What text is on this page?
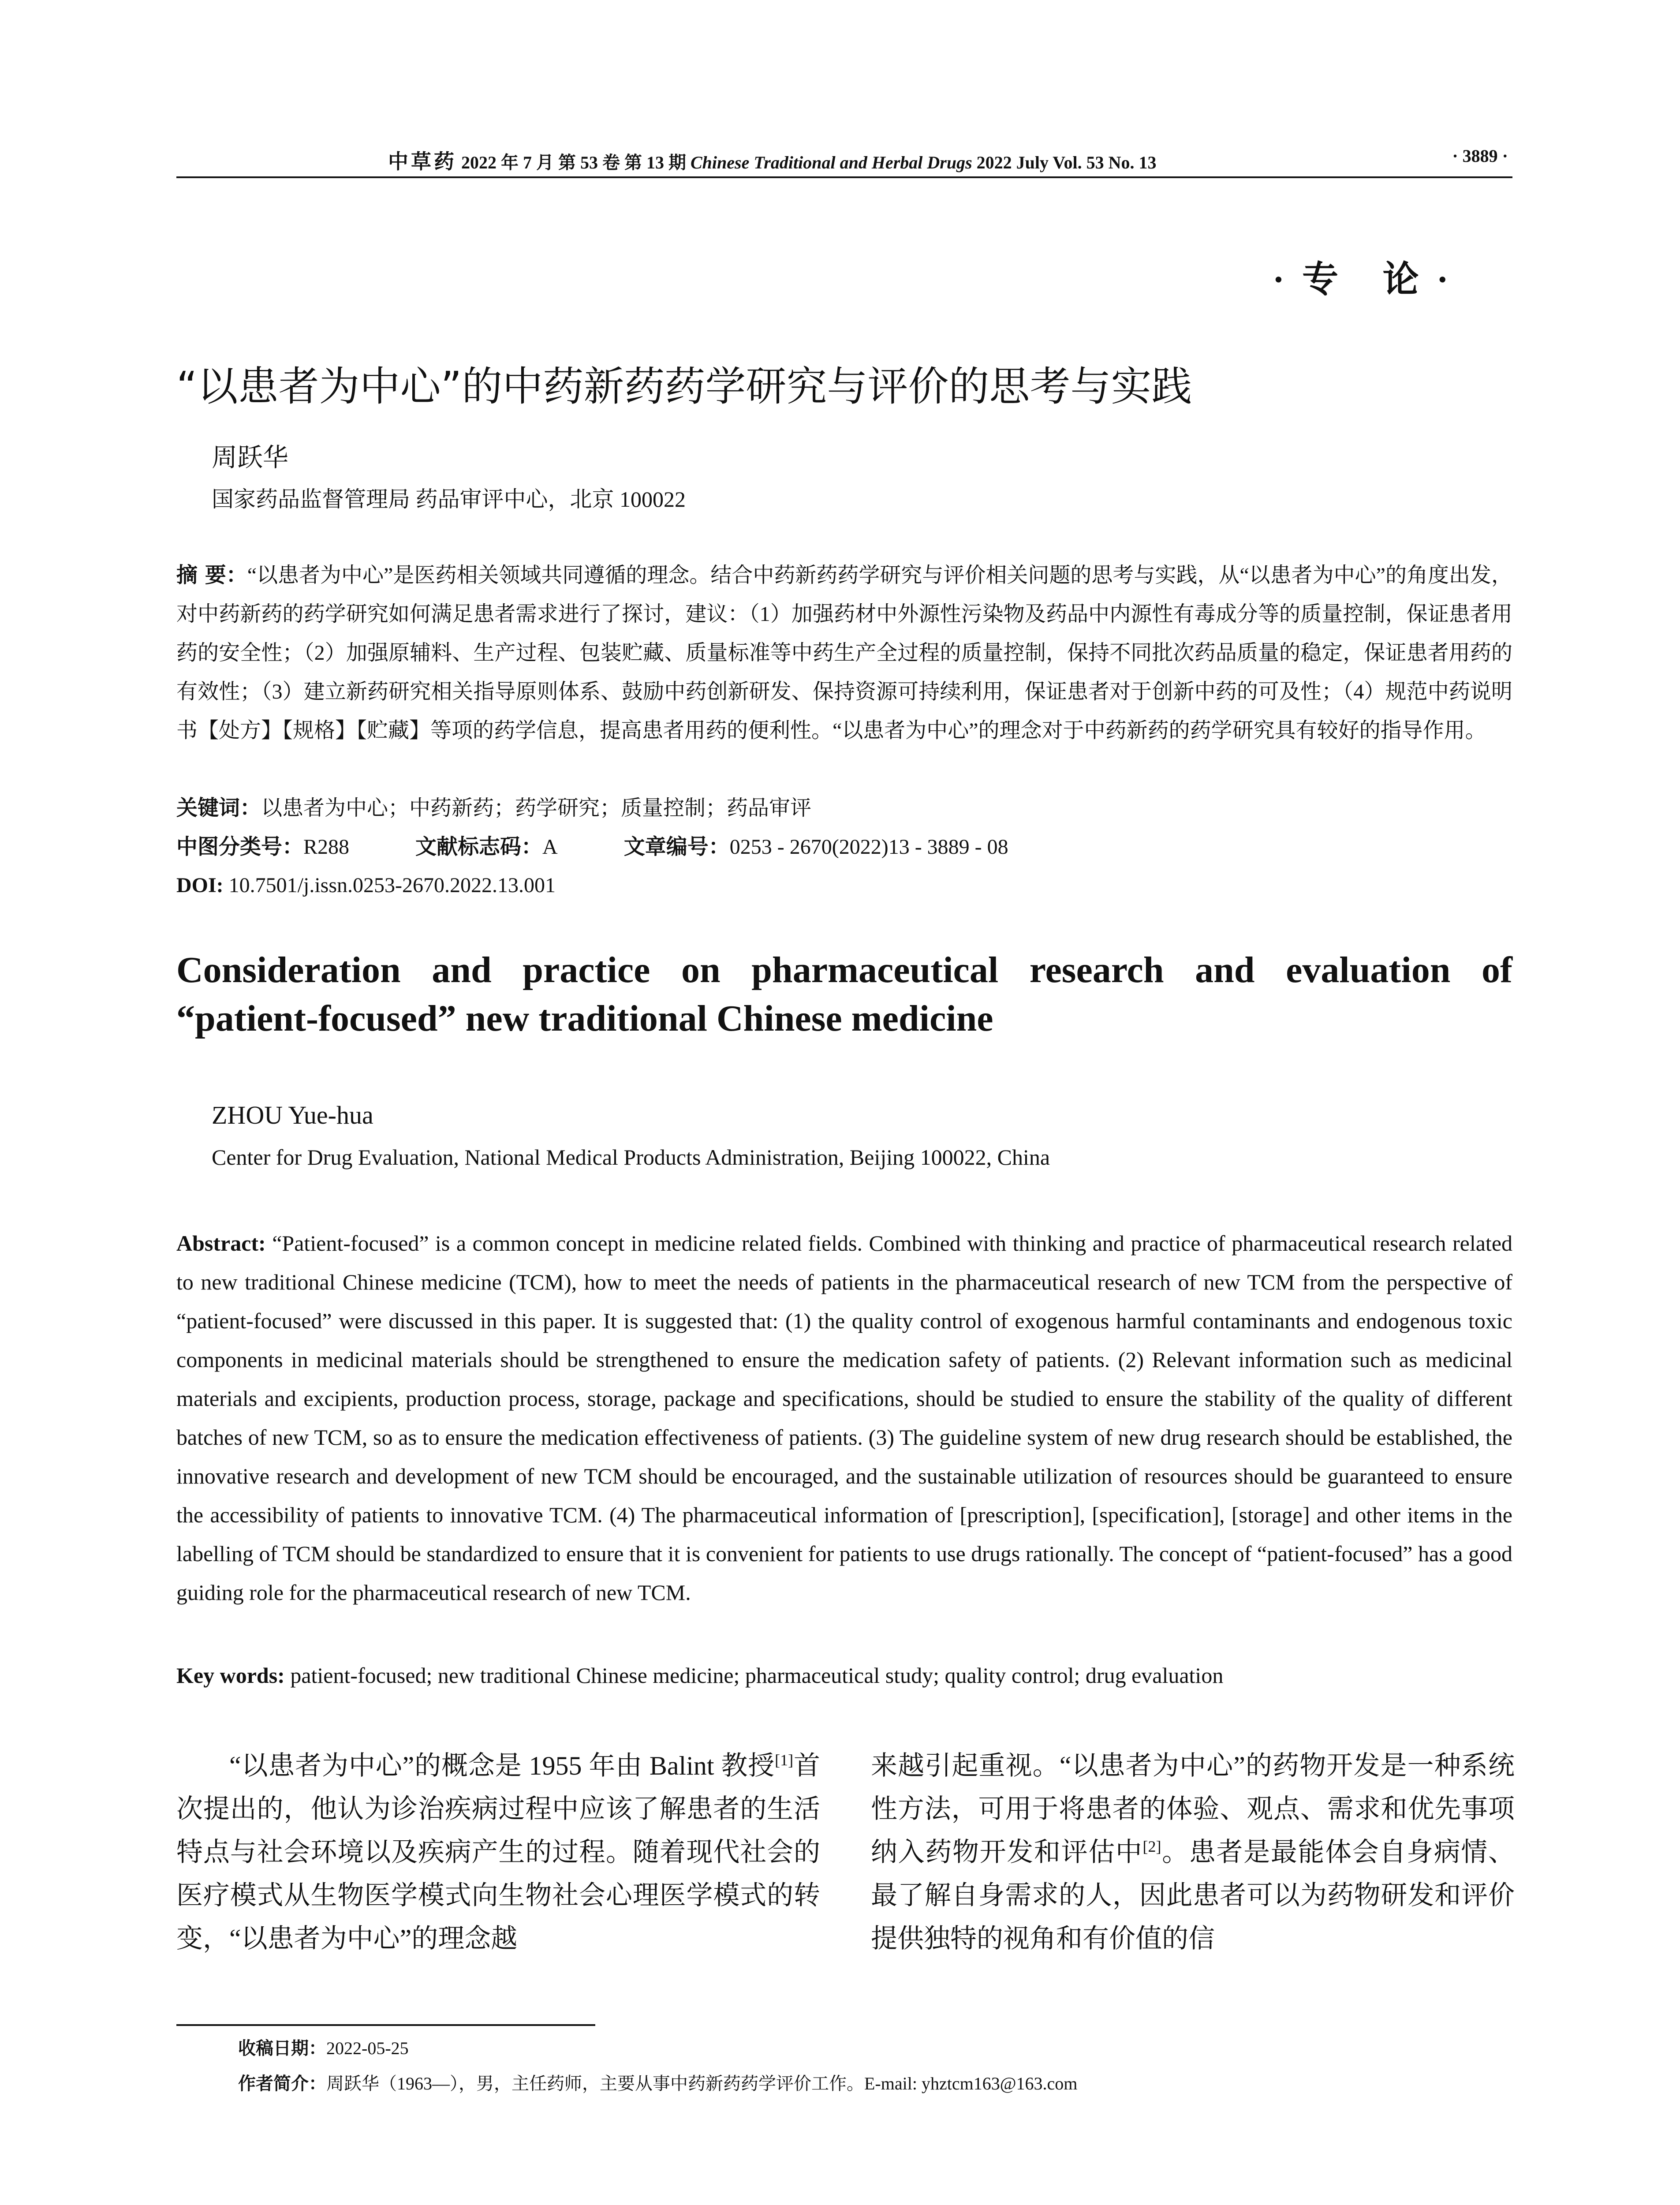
中草药 2022 年 7 月 第 53 卷 第 13 期 Chinese Traditional and Herbal Drugs 2022 July Vol. 53 No. 13	· 3889 ·
·专 论·
“以患者为中心”的中药新药药学研究与评价的思考与实践
周跃华
国家药品监督管理局 药品审评中心，北京 100022

摘 要：“以患者为中心”是医药相关领域共同遵循的理念。结合中药新药药学研究与评价相关问题的思考与实践，从“以患者为中心”的角度出发，对中药新药的药学研究如何满足患者需求进行了探讨，建议：（1）加强药材中外源性污染物及药品中内源性有毒成分等的质量控制，保证患者用药的安全性；（2）加强原辅料、生产过程、包装贮藏、质量标准等中药生产全过程的质量控制，保持不同批次药品质量的稳定，保证患者用药的有效性；（3）建立新药研究相关指导原则体系、鼓励中药创新研发、保持资源可持续利用，保证患者对于创新中药的可及性；（4）规范中药说明书【处方】【规格】【贮藏】等项的药学信息，提高患者用药的便利性。“以患者为中心”的理念对于中药新药的药学研究具有较好的指导作用。

关键词：以患者为中心；中药新药；药学研究；质量控制；药品审评
中图分类号：R288	文献标志码：A	文章编号：0253 - 2670(2022)13 - 3889 - 08
DOI: 10.7501/j.issn.0253-2670.2022.13.001
Consideration and practice on pharmaceutical research and evaluation of
“patient-focused” new traditional Chinese medicine
ZHOU Yue-hua
Center for Drug Evaluation, National Medical Products Administration, Beijing 100022, China

Abstract: “Patient-focused” is a common concept in medicine related fields. Combined with thinking and practice of pharmaceutical research related to new traditional Chinese medicine (TCM), how to meet the needs of patients in the pharmaceutical research of new TCM from the perspective of “patient-focused” were discussed in this paper. It is suggested that: (1) the quality control of exogenous harmful contaminants and endogenous toxic components in medicinal materials should be strengthened to ensure the medication safety of patients. (2) Relevant information such as medicinal materials and excipients, production process, storage, package and specifications, should be studied to ensure the stability of the quality of different batches of new TCM, so as to ensure the medication effectiveness of patients. (3) The guideline system of new drug research should be established, the innovative research and development of new TCM should be encouraged, and the sustainable utilization of resources should be guaranteed to ensure the accessibility of patients to innovative TCM. (4) The pharmaceutical information of [prescription], [specification], [storage] and other items in the labelling of TCM should be standardized to ensure that it is convenient for patients to use drugs rationally. The concept of “patient-focused” has a good guiding role for the pharmaceutical research of new TCM.

Key words: patient-focused; new traditional Chinese medicine; pharmaceutical study; quality control; drug evaluation

“以患者为中心”的概念是 1955 年由 Balint 教授[1]首次提出的，他认为诊治疾病过程中应该了解患者的生活特点与社会环境以及疾病产生的过程。随着现代社会的医疗模式从生物医学模式向生物社会心理医学模式的转变，“以患者为中心”的理念越

来越引起重视。“以患者为中心”的药物开发是一种系统性方法，可用于将患者的体验、观点、需求和优先事项纳入药物开发和评估中[2]。患者是最能体会自身病情、最了解自身需求的人，因此患者可以为药物研发和评价提供独特的视角和有价值的信

收稿日期：2022-05-25
作者简介：周跃华（1963—），男，主任药师，主要从事中药新药药学评价工作。E-mail: yhztcm163@163.com
